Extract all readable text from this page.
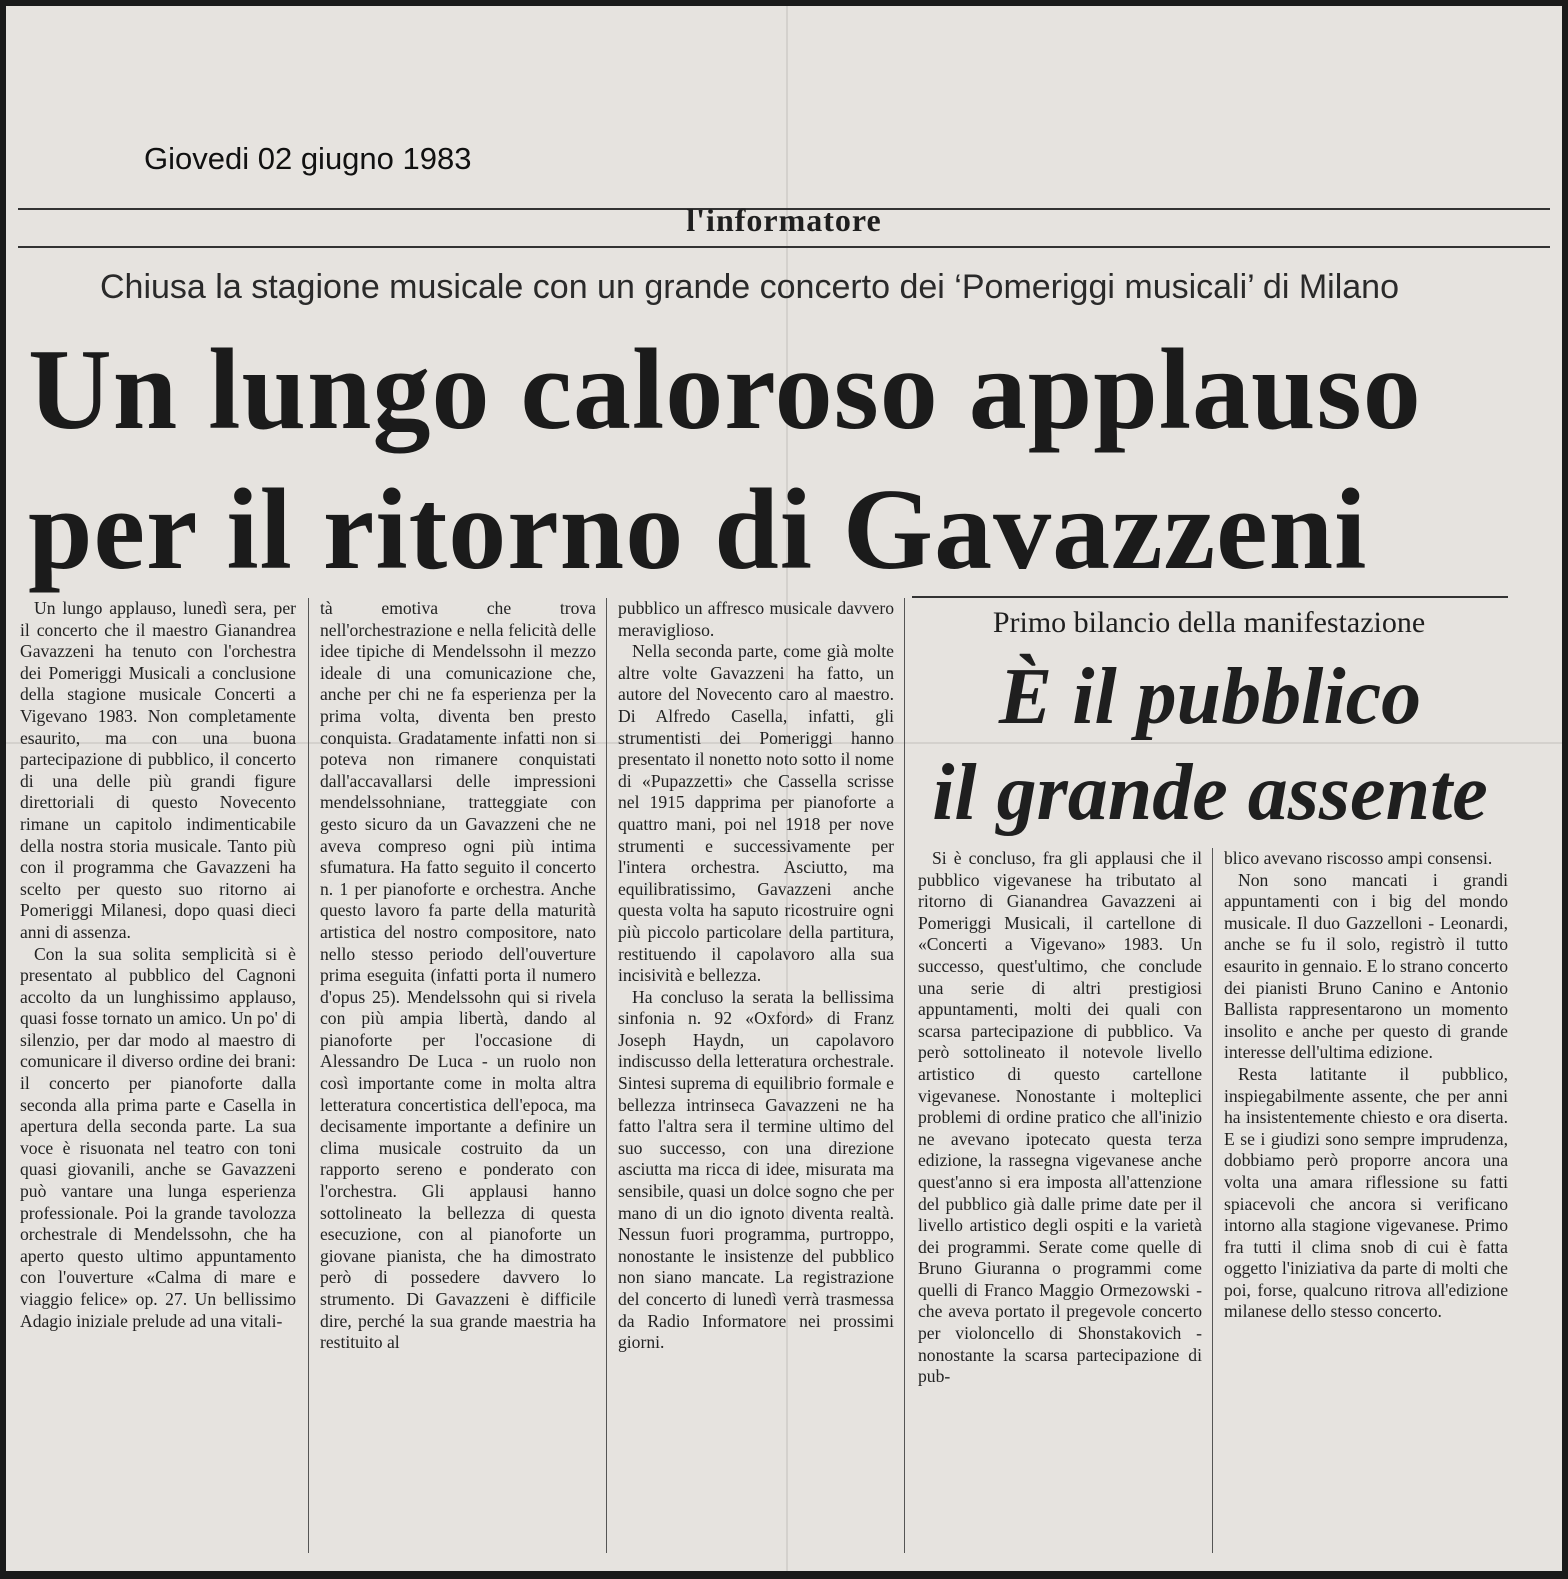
Giovedi 02 giugno 1983
l'informatore
Chiusa la stagione musicale con un grande concerto dei ‘Pomeriggi musicali’ di Milano
Un lungo caloroso applauso
per il ritorno di Gavazzeni

Un lungo applauso, lunedì sera, per il concerto che il maestro Gianandrea Gavazzeni ha tenuto con l'orchestra dei Pomeriggi Musicali a conclusione della stagione musicale Concerti a Vigevano 1983. Non completamente esaurito, ma con una buona partecipazione di pubblico, il concerto di una delle più grandi figure direttoriali di questo Novecento rimane un capitolo indimenticabile della nostra storia musicale. Tanto più con il programma che Gavazzeni ha scelto per questo suo ritorno ai Pomeriggi Milanesi, dopo quasi dieci anni di assenza.

Con la sua solita semplicità si è presentato al pubblico del Cagnoni accolto da un lunghissimo applauso, quasi fosse tornato un amico. Un po' di silenzio, per dar modo al maestro di comunicare il diverso ordine dei brani: il concerto per pianoforte dalla seconda alla prima parte e Casella in apertura della seconda parte. La sua voce è risuonata nel teatro con toni quasi giovanili, anche se Gavazzeni può vantare una lunga esperienza professionale. Poi la grande tavolozza orchestrale di Mendelssohn, che ha aperto questo ultimo appuntamento con l'ouverture «Calma di mare e viaggio felice» op. 27. Un bellissimo Adagio iniziale prelude ad una vitali-

tà emotiva che trova nell'orchestrazione e nella felicità delle idee tipiche di Mendelssohn il mezzo ideale di una comunicazione che, anche per chi ne fa esperienza per la prima volta, diventa ben presto conquista. Gradatamente infatti non si poteva non rimanere conquistati dall'accavallarsi delle impressioni mendelssohniane, tratteggiate con gesto sicuro da un Gavazzeni che ne aveva compreso ogni più intima sfumatura. Ha fatto seguito il concerto n. 1 per pianoforte e orchestra. Anche questo lavoro fa parte della maturità artistica del nostro compositore, nato nello stesso periodo dell'ouverture prima eseguita (infatti porta il numero d'opus 25). Mendelssohn qui si rivela con più ampia libertà, dando al pianoforte per l'occasione di Alessandro De Luca - un ruolo non così importante come in molta altra letteratura concertistica dell'epoca, ma decisamente importante a definire un clima musicale costruito da un rapporto sereno e ponderato con l'orchestra. Gli applausi hanno sottolineato la bellezza di questa esecuzione, con al pianoforte un giovane pianista, che ha dimostrato però di possedere davvero lo strumento. Di Gavazzeni è difficile dire, perché la sua grande maestria ha restituito al

pubblico un affresco musicale davvero meraviglioso.

Nella seconda parte, come già molte altre volte Gavazzeni ha fatto, un autore del Novecento caro al maestro. Di Alfredo Casella, infatti, gli strumentisti dei Pomeriggi hanno presentato il nonetto noto sotto il nome di «Pupazzetti» che Cassella scrisse nel 1915 dapprima per pianoforte a quattro mani, poi nel 1918 per nove strumenti e successivamente per l'intera orchestra. Asciutto, ma equilibratissimo, Gavazzeni anche questa volta ha saputo ricostruire ogni più piccolo particolare della partitura, restituendo il capolavoro alla sua incisività e bellezza.

Ha concluso la serata la bellissima sinfonia n. 92 «Oxford» di Franz Joseph Haydn, un capolavoro indiscusso della letteratura orchestrale. Sintesi suprema di equilibrio formale e bellezza intrinseca Gavazzeni ne ha fatto l'altra sera il termine ultimo del suo successo, con una direzione asciutta ma ricca di idee, misurata ma sensibile, quasi un dolce sogno che per mano di un dio ignoto diventa realtà. Nessun fuori programma, purtroppo, nonostante le insistenze del pubblico non siano mancate. La registrazione del concerto di lunedì verrà trasmessa da Radio Informatore nei prossimi giorni.

Primo bilancio della manifestazione
È il pubblico
il grande assente

Si è concluso, fra gli applausi che il pubblico vigevanese ha tributato al ritorno di Gianandrea Gavazzeni ai Pomeriggi Musicali, il cartellone di «Concerti a Vigevano» 1983. Un successo, quest'ultimo, che conclude una serie di altri prestigiosi appuntamenti, molti dei quali con scarsa partecipazione di pubblico. Va però sottolineato il notevole livello artistico di questo cartellone vigevanese. Nonostante i molteplici problemi di ordine pratico che all'inizio ne avevano ipotecato questa terza edizione, la rassegna vigevanese anche quest'anno si era imposta all'attenzione del pubblico già dalle prime date per il livello artistico degli ospiti e la varietà dei programmi. Serate come quelle di Bruno Giuranna o programmi come quelli di Franco Maggio Ormezowski - che aveva portato il pregevole concerto per violoncello di Shonstakovich - nonostante la scarsa partecipazione di pub-

blico avevano riscosso ampi consensi.

Non sono mancati i grandi appuntamenti con i big del mondo musicale. Il duo Gazzelloni - Leonardi, anche se fu il solo, registrò il tutto esaurito in gennaio. E lo strano concerto dei pianisti Bruno Canino e Antonio Ballista rappresentarono un momento insolito e anche per questo di grande interesse dell'ultima edizione.

Resta latitante il pubblico, inspiegabilmente assente, che per anni ha insistentemente chiesto e ora diserta. E se i giudizi sono sempre imprudenza, dobbiamo però proporre ancora una volta una amara riflessione su fatti spiacevoli che ancora si verificano intorno alla stagione vigevanese. Primo fra tutti il clima snob di cui è fatta oggetto l'iniziativa da parte di molti che poi, forse, qualcuno ritrova all'edizione milanese dello stesso concerto.
